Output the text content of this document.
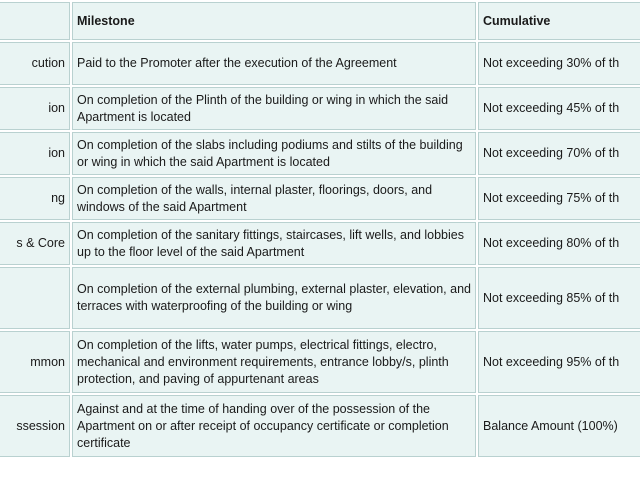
	Milestone	Cumulative
cution	Paid to the Promoter after the execution of the Agreement	Not exceeding 30% of th
ion	On completion of the Plinth of the building or wing in which the said Apartment is located	Not exceeding 45% of th
ion	On completion of the slabs including podiums and stilts of the building or wing in which the said Apartment is located	Not exceeding 70% of th
ng	On completion of the walls, internal plaster, floorings, doors, and windows of the said Apartment	Not exceeding 75% of th
s & Core	On completion of the sanitary fittings, staircases, lift wells, and lobbies up to the floor level of the said Apartment	Not exceeding 80% of th
	On completion of the external plumbing, external plaster, elevation, and terraces with waterproofing of the building or wing	Not exceeding 85% of th
mmon	On completion of the lifts, water pumps, electrical fittings, electro, mechanical and environment requirements, entrance lobby/s, plinth protection, and paving of appurtenant areas	Not exceeding 95% of th
ssession	Against and at the time of handing over of the possession of the Apartment on or after receipt of occupancy certificate or completion certificate	Balance Amount (100%)
